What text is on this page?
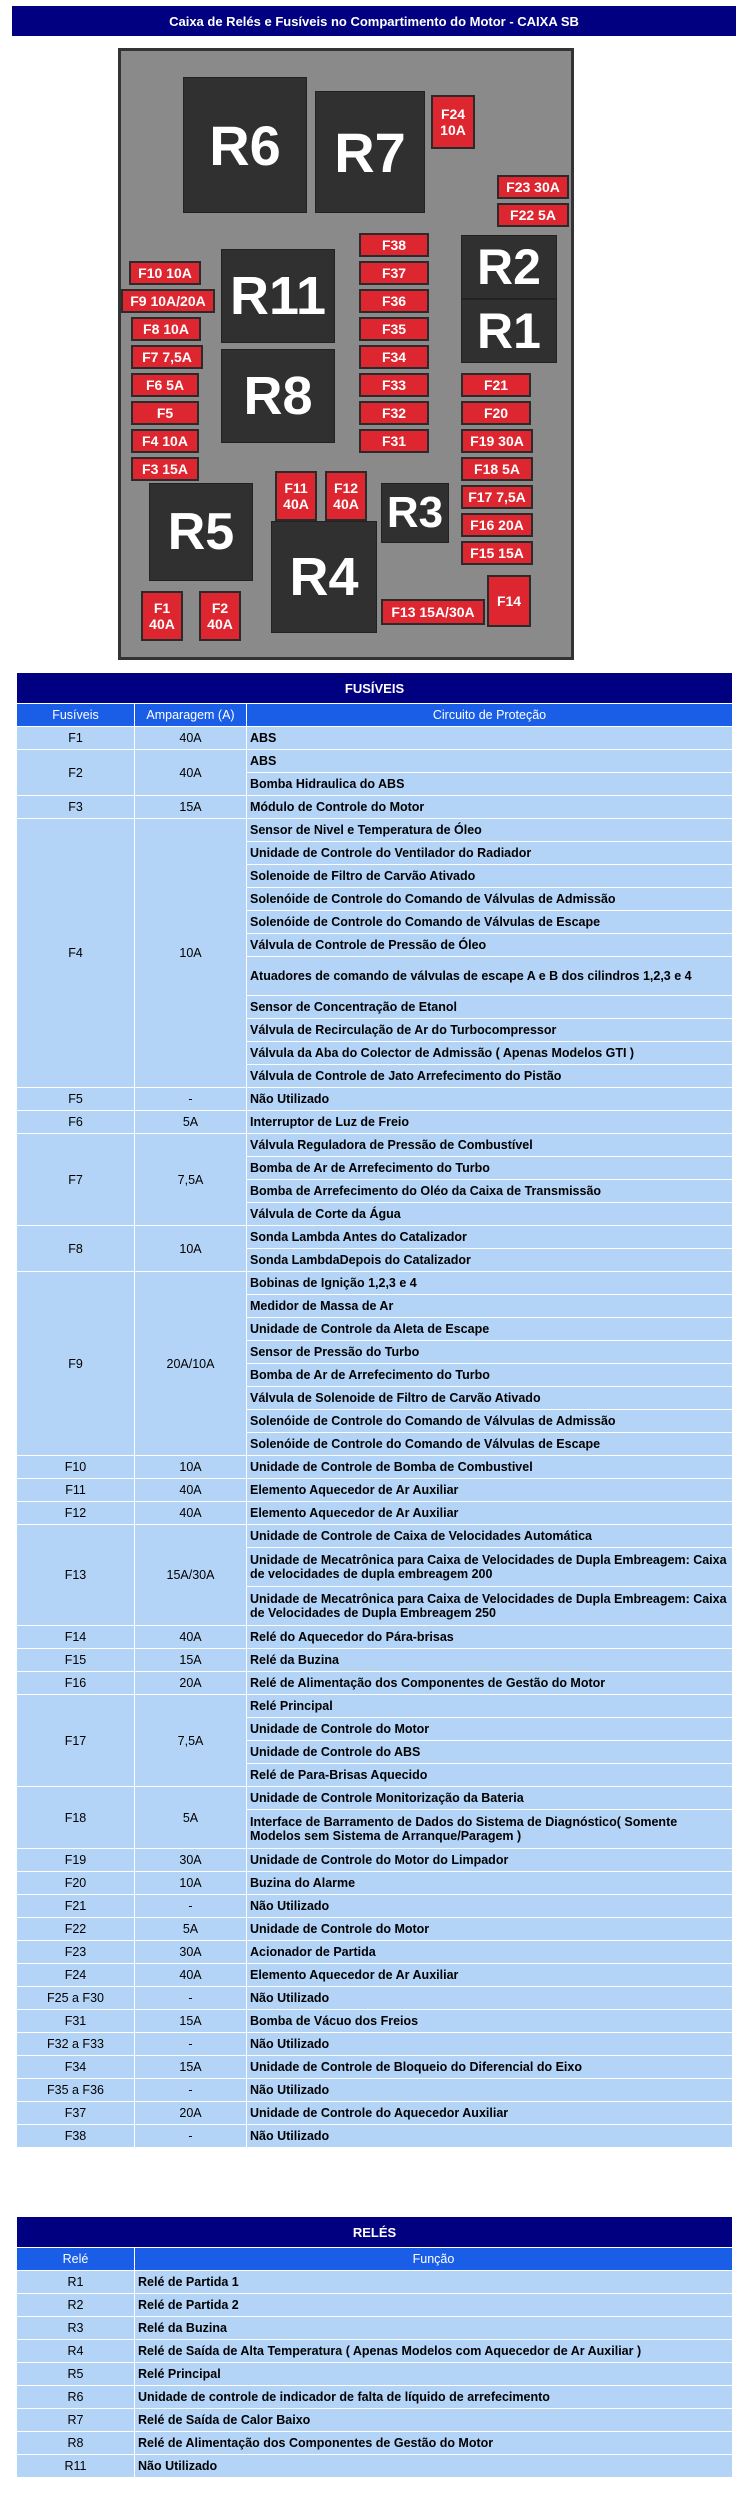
Caixa de Relés e Fusíveis no Compartimento do Motor - CAIXA SB
R6 R7
R2
R1
R11
R8
R5	R3
R4
F24
10A
F23 30A
F22 5A
F38
F37
F36
F35
F34
F33
F32
F31
F10 10A
F9 10A/20A
F8 10A
F7 7,5A
F6 5A
F5
F4 10A
F3 15A
F21
F20
F19 30A
F18 5A
F17 7,5A
F16 20A
F15 15A
F11
40A
F12
40A
F1
40A
F2
40A
F13 15A/30A
F14
FUSÍVEIS		
Fusíveis	Amparagem (A)	Circuito de Proteção
F1	40A	ABS
F2	40A	ABS
		Bomba Hidraulica do ABS
F3	15A	Módulo de Controle do Motor
F4	10A	Sensor de Nivel e Temperatura de Óleo
		Unidade de Controle do Ventilador do Radiador
		Solenoide de Filtro de Carvão Ativado
		Solenóide de Controle do Comando de Válvulas de Admissão
		Solenóide de Controle do Comando de Válvulas de Escape
		Válvula de Controle de Pressão de Óleo
		Atuadores de comando de válvulas de escape A e B dos cilindros 1,2,3 e 4
		Sensor de Concentração de Etanol
		Válvula de Recirculação de Ar do Turbocompressor
		Válvula da Aba do Colector de Admissão ( Apenas Modelos GTI )
		Válvula de Controle de Jato Arrefecimento do Pistão
F5	-	Não Utilizado
F6	5A	Interruptor de Luz de Freio
F7	7,5A	Válvula Reguladora de Pressão de Combustível
		Bomba de Ar de Arrefecimento do Turbo
		Bomba de Arrefecimento do Oléo da Caixa de Transmissão
		Válvula de Corte da Água
F8	10A	Sonda Lambda Antes do Catalizador
		Sonda LambdaDepois do Catalizador
F9	20A/10A	Bobinas de Ignição 1,2,3 e 4
		Medidor de Massa de Ar
		Unidade de Controle da Aleta de Escape
		Sensor de Pressão do Turbo
		Bomba de Ar de Arrefecimento do Turbo
		Válvula de Solenoide de Filtro de Carvão Ativado
		Solenóide de Controle do Comando de Válvulas de Admissão
		Solenóide de Controle do Comando de Válvulas de Escape
F10	10A	Unidade de Controle de Bomba de Combustivel
F11	40A	Elemento Aquecedor de Ar Auxiliar
F12	40A	Elemento Aquecedor de Ar Auxiliar
F13	15A/30A	Unidade de Controle de Caixa de Velocidades Automática
		Unidade de Mecatrônica para Caixa de Velocidades de Dupla Embreagem: Caixa de velocidades de dupla embreagem 200
		Unidade de Mecatrônica para Caixa de Velocidades de Dupla Embreagem: Caixa de Velocidades de Dupla Embreagem 250
F14	40A	Relé do Aquecedor do Pára-brisas
F15	15A	Relé da Buzina
F16	20A	Relé de Alimentação dos Componentes de Gestão do Motor
F17	7,5A	Relé Principal
		Unidade de Controle do Motor
		Unidade de Controle do ABS
		Relé de Para-Brisas Aquecido
F18	5A	Unidade de Controle Monitorização da Bateria
		Interface de Barramento de Dados do Sistema de Diagnóstico( Somente Modelos sem Sistema de Arranque/Paragem )
F19	30A	Unidade de Controle do Motor do Limpador
F20	10A	Buzina do Alarme
F21	-	Não Utilizado
F22	5A	Unidade de Controle do Motor
F23	30A	Acionador de Partida
F24	40A	Elemento Aquecedor de Ar Auxiliar
F25 a F30	-	Não Utilizado
F31	15A	Bomba de Vácuo dos Freios
F32 a F33	-	Não Utilizado
F34	15A	Unidade de Controle de Bloqueio do Diferencial do Eixo
F35 a F36	-	Não Utilizado
F37	20A	Unidade de Controle do Aquecedor Auxiliar
F38	-	Não Utilizado
RELÉS	
Relé	Função
R1	Relé de Partida 1
R2	Relé de Partida 2
R3	Relé da Buzina
R4	Relé de Saída de Alta Temperatura ( Apenas Modelos com Aquecedor de Ar Auxiliar )
R5	Relé Principal
R6	Unidade de controle de indicador de falta de líquido de arrefecimento
R7	Relé de Saída de Calor Baixo
R8	Relé de Alimentação dos Componentes de Gestão do Motor
R11	Não Utilizado
